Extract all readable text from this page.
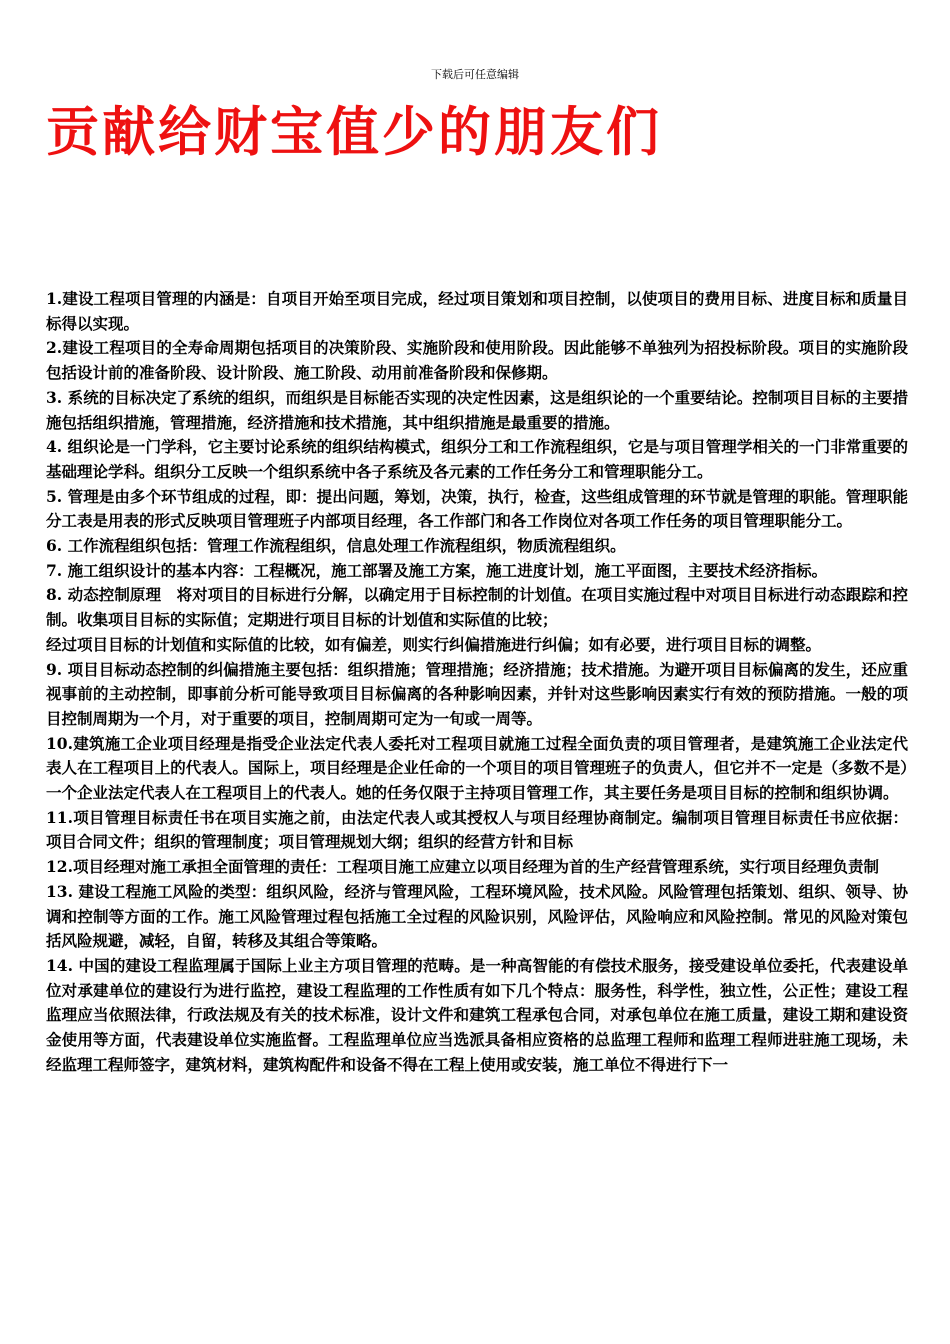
下载后可任意编辑
贡献给财宝值少的朋友们

1.建设工程项目管理的内涵是：自项目开始至项目完成，经过项目策划和项目控制，以使项目的费用目标、进度目标和质量目标得以实现。

2.建设工程项目的全寿命周期包括项目的决策阶段、实施阶段和使用阶段。因此能够不单独列为招投标阶段。项目的实施阶段包括设计前的准备阶段、设计阶段、施工阶段、动用前准备阶段和保修期。

3. 系统的目标决定了系统的组织，而组织是目标能否实现的决定性因素，这是组织论的一个重要结论。控制项目目标的主要措施包括组织措施，管理措施，经济措施和技术措施，其中组织措施是最重要的措施。

4. 组织论是一门学科，它主要讨论系统的组织结构模式，组织分工和工作流程组织，它是与项目管理学相关的一门非常重要的基础理论学科。组织分工反映一个组织系统中各子系统及各元素的工作任务分工和管理职能分工。

5. 管理是由多个环节组成的过程，即：提出问题，筹划，决策，执行，检查，这些组成管理的环节就是管理的职能。管理职能分工表是用表的形式反映项目管理班子内部项目经理，各工作部门和各工作岗位对各项工作任务的项目管理职能分工。

6. 工作流程组织包括：管理工作流程组织，信息处理工作流程组织，物质流程组织。

7. 施工组织设计的基本内容：工程概况，施工部署及施工方案，施工进度计划，施工平面图，主要技术经济指标。

8. 动态控制原理　将对项目的目标进行分解，以确定用于目标控制的计划值。在项目实施过程中对项目目标进行动态跟踪和控制。收集项目目标的实际值；定期进行项目目标的计划值和实际值的比较；
经过项目目标的计划值和实际值的比较，如有偏差，则实行纠偏措施进行纠偏；如有必要，进行项目目标的调整。

9. 项目目标动态控制的纠偏措施主要包括：组织措施；管理措施；经济措施；技术措施。为避开项目目标偏离的发生，还应重视事前的主动控制，即事前分析可能导致项目目标偏离的各种影响因素，并针对这些影响因素实行有效的预防措施。一般的项目控制周期为一个月，对于重要的项目，控制周期可定为一旬或一周等。

10.建筑施工企业项目经理是指受企业法定代表人委托对工程项目就施工过程全面负责的项目管理者，是建筑施工企业法定代表人在工程项目上的代表人。国际上，项目经理是企业任命的一个项目的项目管理班子的负责人，但它并不一定是（多数不是）一个企业法定代表人在工程项目上的代表人。她的任务仅限于主持项目管理工作，其主要任务是项目目标的控制和组织协调。

11.项目管理目标责任书在项目实施之前，由法定代表人或其授权人与项目经理协商制定。编制项目管理目标责任书应依据：项目合同文件；组织的管理制度；项目管理规划大纲；组织的经营方针和目标

12.项目经理对施工承担全面管理的责任：工程项目施工应建立以项目经理为首的生产经营管理系统，实行项目经理负责制

13. 建设工程施工风险的类型：组织风险，经济与管理风险，工程环境风险，技术风险。风险管理包括策划、组织、领导、协调和控制等方面的工作。施工风险管理过程包括施工全过程的风险识别，风险评估，风险响应和风险控制。常见的风险对策包括风险规避，减轻，自留，转移及其组合等策略。

14. 中国的建设工程监理属于国际上业主方项目管理的范畴。是一种高智能的有偿技术服务，接受建设单位委托，代表建设单位对承建单位的建设行为进行监控，建设工程监理的工作性质有如下几个特点：服务性，科学性，独立性，公正性；建设工程监理应当依照法律，行政法规及有关的技术标准，设计文件和建筑工程承包合同，对承包单位在施工质量，建设工期和建设资金使用等方面，代表建设单位实施监督。工程监理单位应当选派具备相应资格的总监理工程师和监理工程师进驻施工现场，未经监理工程师签字，建筑材料，建筑构配件和设备不得在工程上使用或安装，施工单位不得进行下一
